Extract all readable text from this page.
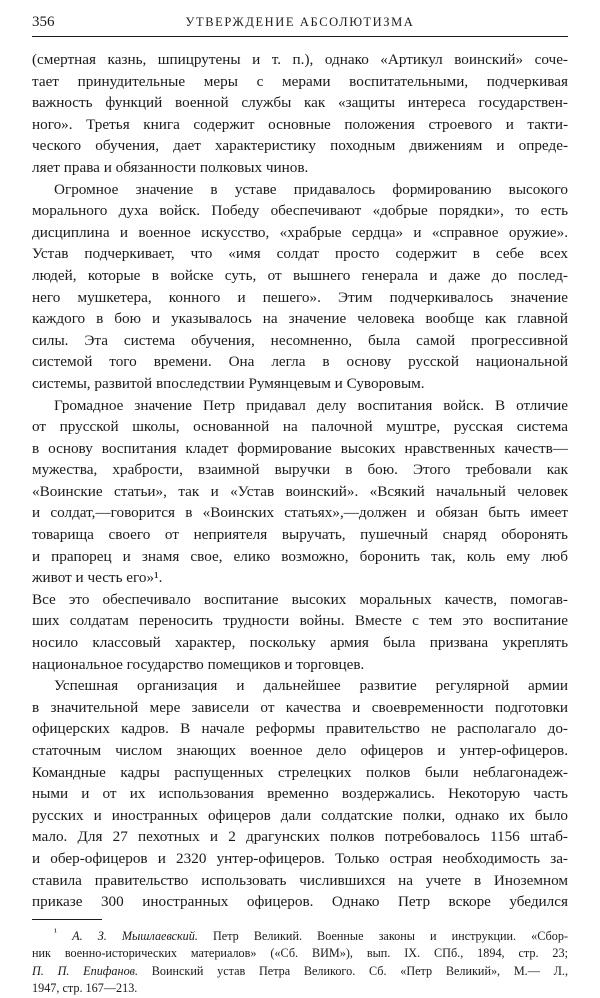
356	УТВЕРЖДЕНИЕ АБСОЛЮТИЗМА

(смертная казнь, шпицрутены и т. п.), однако «Артикул воинский» соче-
тает принудительные меры с мерами воспитательными, подчеркивая
важность функций военной службы как «защиты интереса государствен-
ного». Третья книга содержит основные положения строевого и такти-
ческого обучения, дает характеристику походным движениям и опреде-
ляет права и обязанности полковых чинов.

Огромное значение в уставе придавалось формированию высокого
морального духа войск. Победу обеспечивают «добрые порядки», то есть
дисциплина и военное искусство, «храбрые сердца» и «справное оружие».
Устав подчеркивает, что «имя солдат просто содержит в себе всех
людей, которые в войске суть, от вышнего генерала и даже до послед-
него мушкетера, конного и пешего». Этим подчеркивалось значение
каждого в бою и указывалось на значение человека вообще как главной
силы. Эта система обучения, несомненно, была самой прогрессивной
системой того времени. Она легла в основу русской национальной
системы, развитой впоследствии Румянцевым и Суворовым.

Громадное значение Петр придавал делу воспитания войск. В отличие
от прусской школы, основанной на палочной муштре, русская система
в основу воспитания кладет формирование высоких нравственных качеств—
мужества, храбрости, взаимной выручки в бою. Этого требовали как
«Воинские статьи», так и «Устав воинский». «Всякий начальный человек
и солдат,—говорится в «Воинских статьях»,—должен и обязан быть имеет
товарища своего от неприятеля выручать, пушечный снаряд оборонять
и прапорец и знамя свое, елико возможно, боронить так, коль ему люб
живот и честь его»¹.

Все это обеспечивало воспитание высоких моральных качеств, помогав-
ших солдатам переносить трудности войны. Вместе с тем это воспитание
носило классовый характер, поскольку армия была призвана укреплять
национальное государство помещиков и торговцев.

Успешная организация и дальнейшее развитие регулярной армии
в значительной мере зависели от качества и своевременности подготовки
офицерских кадров. В начале реформы правительство не располагало до-
статочным числом знающих военное дело офицеров и унтер-офицеров.
Командные кадры распущенных стрелецких полков были неблагонадеж-
ными и от их использования временно воздержались. Некоторую часть
русских и иностранных офицеров дали солдатские полки, однако их было
мало. Для 27 пехотных и 2 драгунских полков потребовалось 1156 штаб-
и обер-офицеров и 2320 унтер-офицеров. Только острая необходимость за-
ставила правительство использовать числившихся на учете в Иноземном
приказе 300 иностранных офицеров. Однако Петр вскоре убедился

$^{^1}$ А. З. Мышлаевский. Петр Великий. Военные законы и инструкции. «Сбор-
ник военно-исторических материалов» («Сб. ВИМ»), вып. IX. СПб., 1894, стр. 23;
П. П. Епифанов. Воинский устав Петра Великого. Сб. «Петр Великий», М.— Л.,
1947, стр. 167—213.
